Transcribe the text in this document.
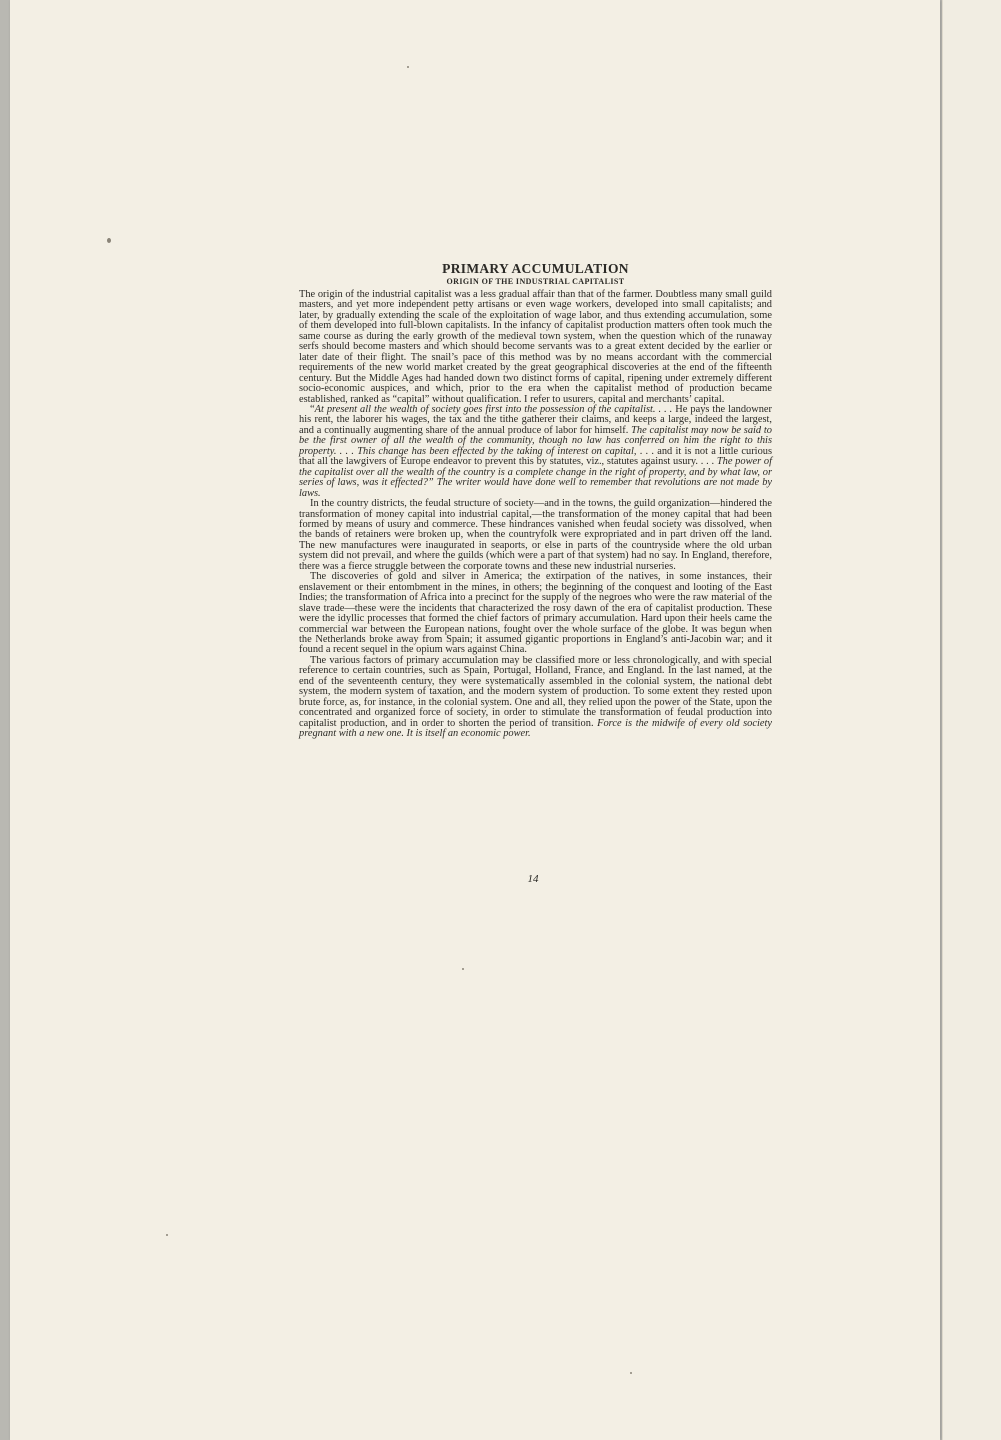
PRIMARY ACCUMULATION
ORIGIN OF THE INDUSTRIAL CAPITALIST

The origin of the industrial capitalist was a less gradual affair than that of the farmer. Doubtless many small guild masters, and yet more independent petty artisans or even wage workers, developed into small capitalists; and later, by gradually extending the scale of the exploitation of wage labor, and thus extending accumulation, some of them developed into full-blown capitalists. In the infancy of capitalist production matters often took much the same course as during the early growth of the medieval town system, when the question which of the runaway serfs should become masters and which should become servants was to a great extent decided by the earlier or later date of their flight. The snail’s pace of this method was by no means accordant with the commercial requirements of the new world market created by the great geographical discoveries at the end of the fifteenth century. But the Middle Ages had handed down two distinct forms of capital, ripening under extremely different socio-economic auspices, and which, prior to the era when the capitalist method of production became established, ranked as “capital” without qualification. I refer to usurers, capital and merchants’ capital.

“At present all the wealth of society goes first into the possession of the capitalist. . . . He pays the landowner his rent, the laborer his wages, the tax and the tithe gatherer their claims, and keeps a large, indeed the largest, and a continually augmenting share of the annual produce of labor for himself. The capitalist may now be said to be the first owner of all the wealth of the community, though no law has conferred on him the right to this property. . . . This change has been effected by the taking of interest on capital, . . . and it is not a little curious that all the lawgivers of Europe endeavor to prevent this by statutes, viz., statutes against usury. . . . The power of the capitalist over all the wealth of the country is a complete change in the right of property, and by what law, or series of laws, was it effected?” The writer would have done well to remember that revolutions are not made by laws.

In the country districts, the feudal structure of society—and in the towns, the guild organization—hindered the transformation of money capital into industrial capital,—the transformation of the money capital that had been formed by means of usury and commerce. These hindrances vanished when feudal society was dissolved, when the bands of retainers were broken up, when the countryfolk were expropriated and in part driven off the land. The new manufactures were inaugurated in seaports, or else in parts of the countryside where the old urban system did not prevail, and where the guilds (which were a part of that system) had no say. In England, therefore, there was a fierce struggle between the corporate towns and these new industrial nurseries.

The discoveries of gold and silver in America; the extirpation of the natives, in some instances, their enslavement or their entombment in the mines, in others; the beginning of the conquest and looting of the East Indies; the transformation of Africa into a precinct for the supply of the negroes who were the raw material of the slave trade—these were the incidents that characterized the rosy dawn of the era of capitalist production. These were the idyllic processes that formed the chief factors of primary accumulation. Hard upon their heels came the commercial war between the European nations, fought over the whole surface of the globe. It was begun when the Netherlands broke away from Spain; it assumed gigantic proportions in England’s anti-Jacobin war; and it found a recent sequel in the opium wars against China.

The various factors of primary accumulation may be classified more or less chronologically, and with special reference to certain countries, such as Spain, Portugal, Holland, France, and England. In the last named, at the end of the seventeenth century, they were systematically assembled in the colonial system, the national debt system, the modern system of taxation, and the modern system of production. To some extent they rested upon brute force, as, for instance, in the colonial system. One and all, they relied upon the power of the State, upon the concentrated and organized force of society, in order to stimulate the transformation of feudal production into capitalist production, and in order to shorten the period of transition. Force is the midwife of every old society pregnant with a new one. It is itself an economic power.

14
